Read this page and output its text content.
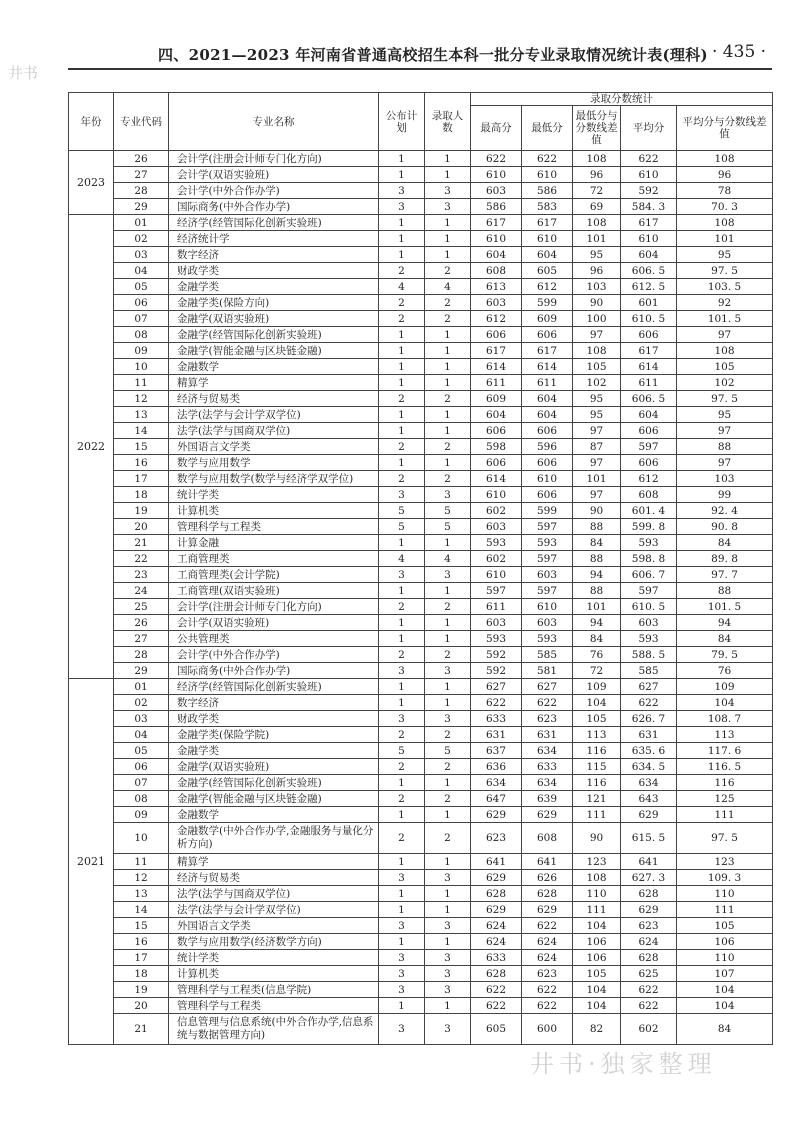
井书
四、2021—2023 年河南省普通高校招生本科一批分专业录取情况统计表(理科) · 435 ·
年份	专业代码	专业名称	公布计划	录取人数	录取分数统计				
					最高分	最低分	最低分与分数线差值	平均分	平均分与分数线差值
2023	26	会计学(注册会计师专门化方向)	1	1	622	622	108	622	108
	27	会计学(双语实验班)	1	1	610	610	96	610	96
	28	会计学(中外合作办学)	3	3	603	586	72	592	78
	29	国际商务(中外合作办学)	3	3	586	583	69	584. 3	70. 3
2022	01	经济学(经管国际化创新实验班)	1	1	617	617	108	617	108
	02	经济统计学	1	1	610	610	101	610	101
	03	数字经济	1	1	604	604	95	604	95
	04	财政学类	2	2	608	605	96	606. 5	97. 5
	05	金融学类	4	4	613	612	103	612. 5	103. 5
	06	金融学类(保险方向)	2	2	603	599	90	601	92
	07	金融学(双语实验班)	2	2	612	609	100	610. 5	101. 5
	08	金融学(经管国际化创新实验班)	1	1	606	606	97	606	97
	09	金融学(智能金融与区块链金融)	1	1	617	617	108	617	108
	10	金融数学	1	1	614	614	105	614	105
	11	精算学	1	1	611	611	102	611	102
	12	经济与贸易类	2	2	609	604	95	606. 5	97. 5
	13	法学(法学与会计学双学位)	1	1	604	604	95	604	95
	14	法学(法学与国商双学位)	1	1	606	606	97	606	97
	15	外国语言文学类	2	2	598	596	87	597	88
	16	数学与应用数学	1	1	606	606	97	606	97
	17	数学与应用数学(数学与经济学双学位)	2	2	614	610	101	612	103
	18	统计学类	3	3	610	606	97	608	99
	19	计算机类	5	5	602	599	90	601. 4	92. 4
	20	管理科学与工程类	5	5	603	597	88	599. 8	90. 8
	21	计算金融	1	1	593	593	84	593	84
	22	工商管理类	4	4	602	597	88	598. 8	89. 8
	23	工商管理类(会计学院)	3	3	610	603	94	606. 7	97. 7
	24	工商管理(双语实验班)	1	1	597	597	88	597	88
	25	会计学(注册会计师专门化方向)	2	2	611	610	101	610. 5	101. 5
	26	会计学(双语实验班)	1	1	603	603	94	603	94
	27	公共管理类	1	1	593	593	84	593	84
	28	会计学(中外合作办学)	2	2	592	585	76	588. 5	79. 5
	29	国际商务(中外合作办学)	3	3	592	581	72	585	76
2021	01	经济学(经管国际化创新实验班)	1	1	627	627	109	627	109
	02	数字经济	1	1	622	622	104	622	104
	03	财政学类	3	3	633	623	105	626. 7	108. 7
	04	金融学类(保险学院)	2	2	631	631	113	631	113
	05	金融学类	5	5	637	634	116	635. 6	117. 6
	06	金融学(双语实验班)	2	2	636	633	115	634. 5	116. 5
	07	金融学(经管国际化创新实验班)	1	1	634	634	116	634	116
	08	金融学(智能金融与区块链金融)	2	2	647	639	121	643	125
	09	金融数学	1	1	629	629	111	629	111
	10	金融数学(中外合作办学,金融服务与量化分析方向)	2	2	623	608	90	615. 5	97. 5
	11	精算学	1	1	641	641	123	641	123
	12	经济与贸易类	3	3	629	626	108	627. 3	109. 3
	13	法学(法学与国商双学位)	1	1	628	628	110	628	110
	14	法学(法学与会计学双学位)	1	1	629	629	111	629	111
	15	外国语言文学类	3	3	624	622	104	623	105
	16	数学与应用数学(经济数学方向)	1	1	624	624	106	624	106
	17	统计学类	3	3	633	624	106	628	110
	18	计算机类	3	3	628	623	105	625	107
	19	管理科学与工程类(信息学院)	3	3	622	622	104	622	104
	20	管理科学与工程类	1	1	622	622	104	622	104
	21	信息管理与信息系统(中外合作办学,信息系统与数据管理方向)	3	3	605	600	82	602	84
井书·独家整理
